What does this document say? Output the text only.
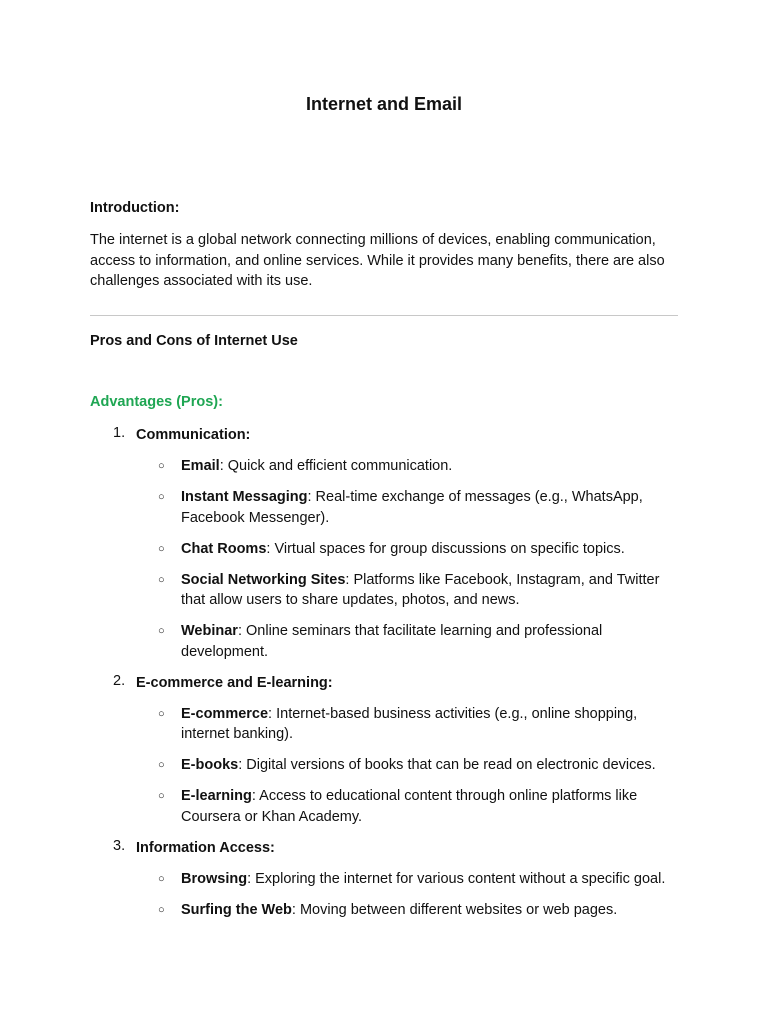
Internet and Email

Introduction:

The internet is a global network connecting millions of devices, enabling communication, access to information, and online services. While it provides many benefits, there are also challenges associated with its use.

Pros and Cons of Internet Use

Advantages (Pros):

1. Communication:
○ Email: Quick and efficient communication.
○ Instant Messaging: Real-time exchange of messages (e.g., WhatsApp, Facebook Messenger).
○ Chat Rooms: Virtual spaces for group discussions on specific topics.
○ Social Networking Sites: Platforms like Facebook, Instagram, and Twitter that allow users to share updates, photos, and news.
○ Webinar: Online seminars that facilitate learning and professional development.
2. E-commerce and E-learning:
○ E-commerce: Internet-based business activities (e.g., online shopping, internet banking).
○ E-books: Digital versions of books that can be read on electronic devices.
○ E-learning: Access to educational content through online platforms like Coursera or Khan Academy.
3. Information Access:
○ Browsing: Exploring the internet for various content without a specific goal.
○ Surfing the Web: Moving between different websites or web pages.
